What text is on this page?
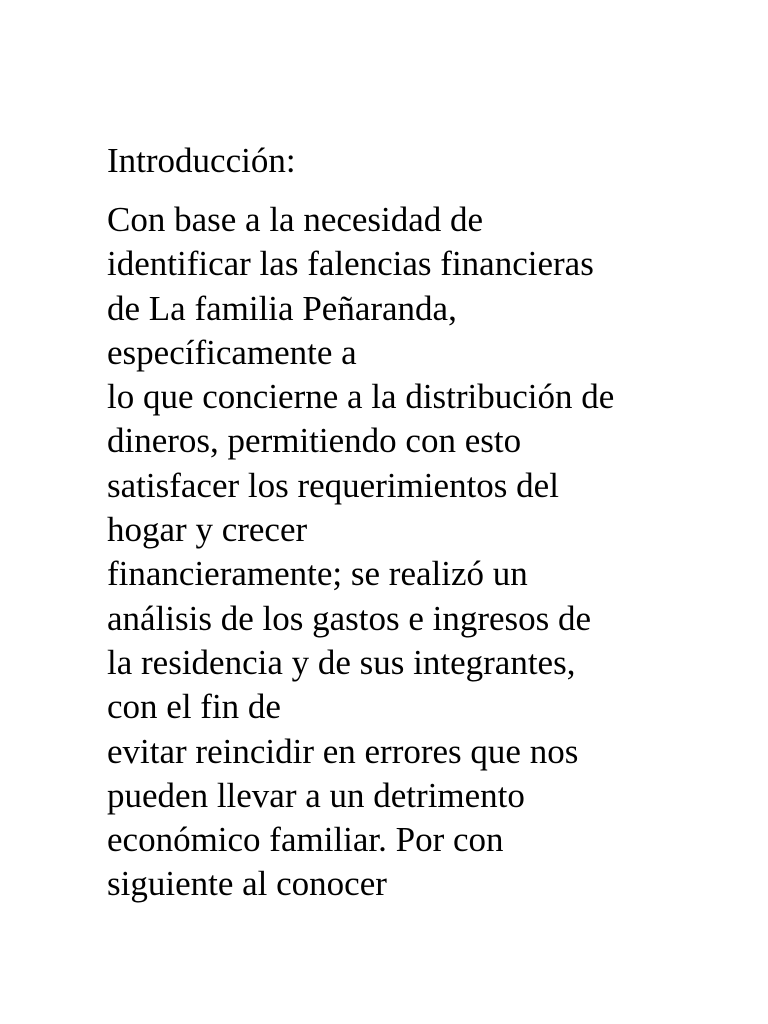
Introducción:
Con base a la necesidad de
identificar las falencias financieras
de La familia Peñaranda,
específicamente a
lo que concierne a la distribución de
dineros, permitiendo con esto
satisfacer los requerimientos del
hogar y crecer
financieramente; se realizó un
análisis de los gastos e ingresos de
la residencia y de sus integrantes,
con el fin de
evitar reincidir en errores que nos
pueden llevar a un detrimento
económico familiar. Por con
siguiente al conocer
